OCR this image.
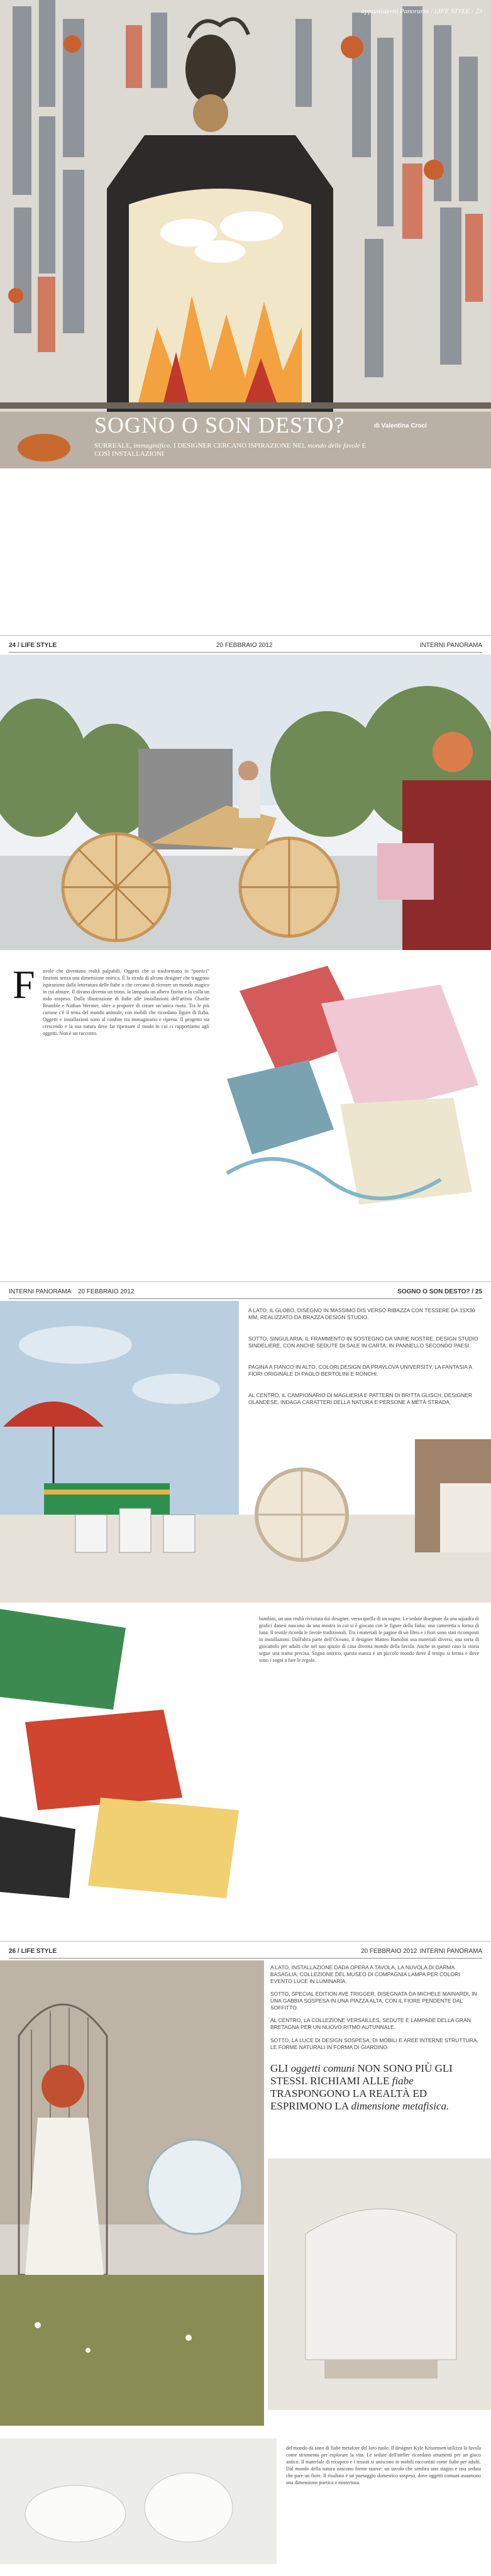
appuntisterni Panorama / LIFE STYLE / 23
SOGNO O SON DESTO?	di Valentina Croci
SURREALE, immaginifico. I DESIGNER CERCANO ISPIRAZIONE NEL mondo delle favole E COSÌ INSTALLAZIONI
24 / LIFE STYLE	20 FEBBRAIO 2012	INTERNI PANORAMA
F avole che diventano realtà palpabili. Oggetti che si trasformano in “poetici” finzioni senza una dimensione onirica. È la strada di alcune designer che traggono ispirazione dalla letteratura delle fiabe o che cercano di ricreare un mondo magico in cui abitare. Il divano diventa un trono, la lampada un albero fiorito e la culla un nido sospeso. Dalla illustrazione di fiabe alle installazioni dell'artista Charlie Bramble e Nathan Wermer, oltre a proporre di creare un’unica ruota. Tra le più curiose c'è il tema del mondo animale, con mobili che ricordano figure di fiaba. Oggetti e installazioni sono al confine tra immaginario e ripresa. Il progetto sta crescendo e la sua natura deve far ripensare il modo in cui ci rapportiamo agli oggetti. Non è un racconto.
INTERNI PANORAMA 20 FEBBRAIO 2012	SOGNO O SON DESTO? / 25
A LATO, IL GLOBO, DISEGNO IN MASSIMO DIS VERSO RIBAZZA CON TESSERE DA 15X30 MM, REALIZZATO DA BRAZZA DESIGN STUDIO.
SOTTO, SINGULARIA, IL FRAMMENTO IN SOSTEGNO DA VARIE NOSTRE, DESIGN STUDIO SINDELIERE, CON ANCHE SEDUTE DI SALE IN CARTA, IN PANNELLO SECONDO PAESI.
PAGINA A FIANCO IN ALTO, COLORI DESIGN DA PRAVLOVA UNIVERSITY, LA FANTASIA A FIORI ORIGINALE DI PAOLO BERTOLINI E RONCHI.
AL CENTRO, IL CAMPIONARIO DI MAGLIERIA E PATTERN DI BRITTA GLISCH, DESIGNER OLANDESE, INDAGA CARATTERI DELLA NATURA E PERSONE A METÀ STRADA.
bambini, un una realtà rivisitata dai designer, verso quella di un sogno. Le sedute disegnate da una squadra di grafici danesi nascono da una mostra in cui si è giocato con le figure della fiaba: una cameretta a forma di luna. Il tessile ricorda le favole tradizionali. Tra i materiali le pagine di un libro e i fiori sono stati ricomposti in installazioni. Dall'altra parte dell’Oceano, il designer Matteo Bartolini usa materiali diversi, una sorta di giocattolo per adulti che nel suo spazio di casa diventa mondo della favola. Anche in questo caso la storia segue una trama precisa. Sogno onirico, questa stanza è un piccolo mondo dove il tempo si ferma e dove sono i sogni a fare le regole.
26 / LIFE STYLE	20 FEBBRAIO 2012 INTERNI PANORAMA
A LATO, INSTALLAZIONE DADA OPERA A TAVOLA, LA NUVOLA DI DARMA BASAGLIA, COLLEZIONE DEL MUSEO DI COMPAGNIA LAMPA PER COLORI EVENTO LUCE IN LUMINARIA.
SOTTO, SPECIAL EDITION AVE TRIGGER, DISEGNATA DA MICHELE MAINARDI, IN UNA GABBIA SOSPESA IN UNA PIAZZA ALTA, CON IL FIORE PENDENTE DAL SOFFITTO.
AL CENTRO, LA COLLEZIONE VERSAILLES, SEDUTE E LAMPADE DELLA GRAN BRETAGNA PER UN NUOVO RITMO AUTUNNALE.
SOTTO, LA LUCE DI DESIGN SOSPESA, DI MOBILI E AREE INTERNE STRUTTURA, LE FORME NATURALI IN FORMA DI GIARDINO.
GLI oggetti comuni NON SONO PIÙ GLI STESSI. RICHIAMI ALLE fiabe TRASPONGONO LA REALTÀ ED ESPRIMONO LA dimensione metafisica.
del mondo da sono di fiabe metafore del loro ruolo. Il designer Kyle Kristensen utilizza la favola come strumento per esplorare la vita. Le sedute dell'atelier ricordano strumenti per un gioco antico. Il materiale di recupero e i tessuti si uniscono in mobili raccontati come fiabe per adulti. Dal mondo della natura nascono forme nuove: un tavolo che sembra uno stagno e una seduta che pare un fiore. Il risultato è un paesaggio domestico sospeso, dove oggetti comuni assumono una dimensione poetica e misteriosa.
